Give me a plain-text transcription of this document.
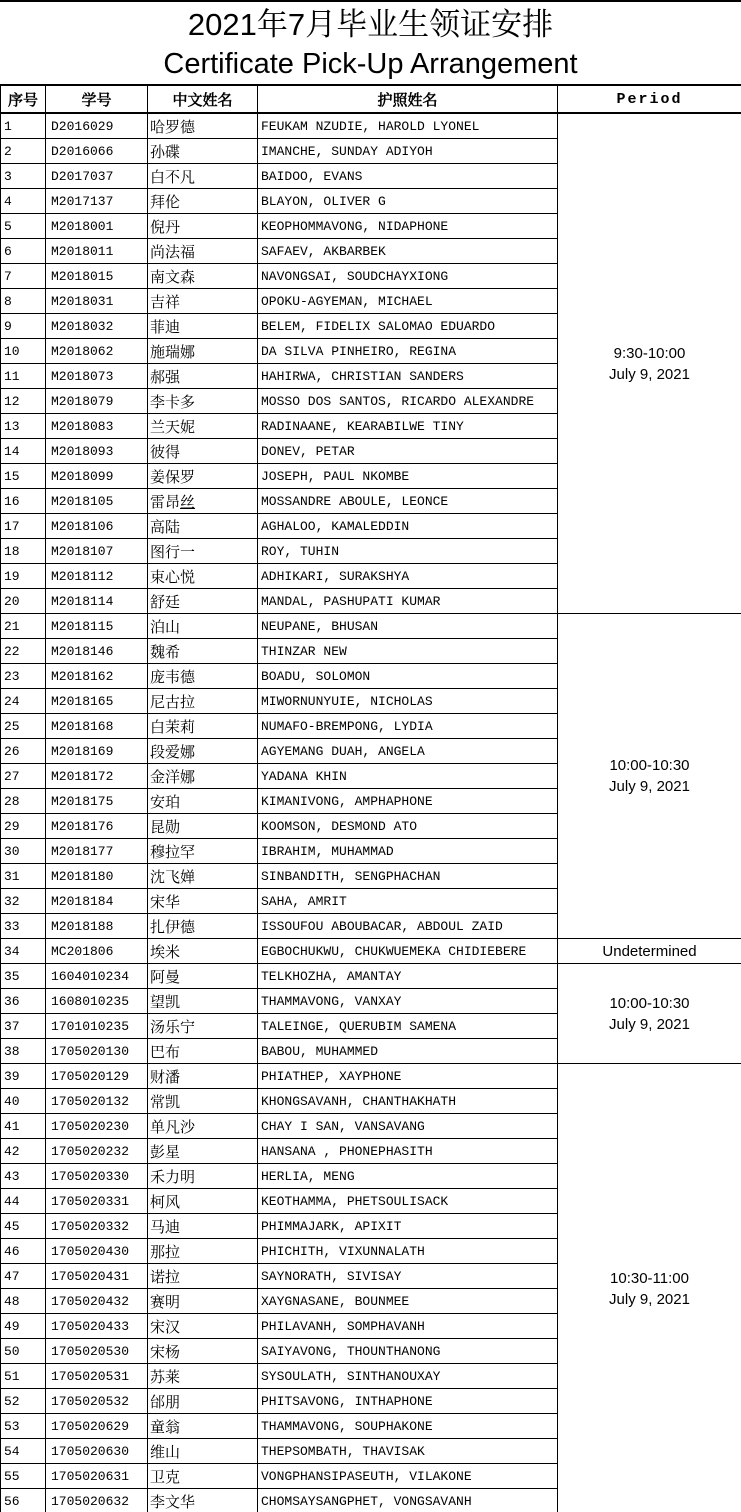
2021年7月毕业生领证安排
Certificate Pick-Up Arrangement
序号	学号	中文姓名	护照姓名	Period
1	D2016029	哈罗德	FEUKAM NZUDIE, HAROLD LYONEL	9:30-10:00
July 9, 2021

2	D2016066	孙碟	IMANCHE, SUNDAY ADIYOH	
3	D2017037	白不凡	BAIDOO, EVANS	
4	M2017137	拜伦	BLAYON, OLIVER G	
5	M2018001	倪丹	KEOPHOMMAVONG, NIDAPHONE	
6	M2018011	尚法福	SAFAEV, AKBARBEK	
7	M2018015	南文森	NAVONGSAI, SOUDCHAYXIONG	
8	M2018031	吉祥	OPOKU-AGYEMAN, MICHAEL	
9	M2018032	菲迪	BELEM, FIDELIX SALOMAO EDUARDO	
10	M2018062	施瑞娜	DA SILVA PINHEIRO, REGINA	
11	M2018073	郝强	HAHIRWA, CHRISTIAN SANDERS	
12	M2018079	李卡多	MOSSO DOS SANTOS, RICARDO ALEXANDRE	
13	M2018083	兰天妮	RADINAANE, KEARABILWE TINY	
14	M2018093	彼得	DONEV, PETAR	
15	M2018099	姜保罗	JOSEPH, PAUL NKOMBE	
16	M2018105	雷昂丝	MOSSANDRE ABOULE, LEONCE	
17	M2018106	高陆	AGHALOO, KAMALEDDIN	
18	M2018107	图行一	ROY, TUHIN	
19	M2018112	束心悦	ADHIKARI, SURAKSHYA	
20	M2018114	舒廷	MANDAL, PASHUPATI KUMAR	
21	M2018115	泊山	NEUPANE, BHUSAN	10:00-10:30
July 9, 2021

22	M2018146	魏希	THINZAR NEW	
23	M2018162	庞韦德	BOADU, SOLOMON	
24	M2018165	尼古拉	MIWORNUNYUIE, NICHOLAS	
25	M2018168	白茉莉	NUMAFO-BREMPONG, LYDIA	
26	M2018169	段爱娜	AGYEMANG DUAH, ANGELA	
27	M2018172	金洋娜	YADANA KHIN	
28	M2018175	安珀	KIMANIVONG, AMPHAPHONE	
29	M2018176	昆勋	KOOMSON, DESMOND ATO	
30	M2018177	穆拉罕	IBRAHIM, MUHAMMAD	
31	M2018180	沈飞婵	SINBANDITH, SENGPHACHAN	
32	M2018184	宋华	SAHA, AMRIT	
33	M2018188	扎伊德	ISSOUFOU ABOUBACAR, ABDOUL ZAID	
34	MC201806	埃米	EGBOCHUKWU, CHUKWUEMEKA CHIDIEBERE	Undetermined

35	1604010234	阿曼	TELKHOZHA, AMANTAY	10:00-10:30
July 9, 2021

36	1608010235	望凯	THAMMAVONG, VANXAY	
37	1701010235	汤乐宁	TALEINGE, QUERUBIM SAMENA	
38	1705020130	巴布	BABOU, MUHAMMED	
39	1705020129	财潘	PHIATHEP, XAYPHONE	10:30-11:00
July 9, 2021

40	1705020132	常凯	KHONGSAVANH, CHANTHAKHATH	
41	1705020230	单凡沙	CHAY I SAN, VANSAVANG	
42	1705020232	彭星	HANSANA , PHONEPHASITH	
43	1705020330	禾力明	HERLIA, MENG	
44	1705020331	柯风	KEOTHAMMA, PHETSOULISACK	
45	1705020332	马迪	PHIMMAJARK, APIXIT	
46	1705020430	那拉	PHICHITH, VIXUNNALATH	
47	1705020431	诺拉	SAYNORATH, SIVISAY	
48	1705020432	赛明	XAYGNASANE, BOUNMEE	
49	1705020433	宋汉	PHILAVANH, SOMPHAVANH	
50	1705020530	宋杨	SAIYAVONG, THOUNTHANONG	
51	1705020531	苏莱	SYSOULATH, SINTHANOUXAY	
52	1705020532	邰朋	PHITSAVONG, INTHAPHONE	
53	1705020629	童翁	THAMMAVONG, SOUPHAKONE	
54	1705020630	维山	THEPSOMBATH, THAVISAK	
55	1705020631	卫克	VONGPHANSIPASEUTH, VILAKONE	
56	1705020632	李文华	CHOMSAYSANGPHET, VONGSAVANH	
